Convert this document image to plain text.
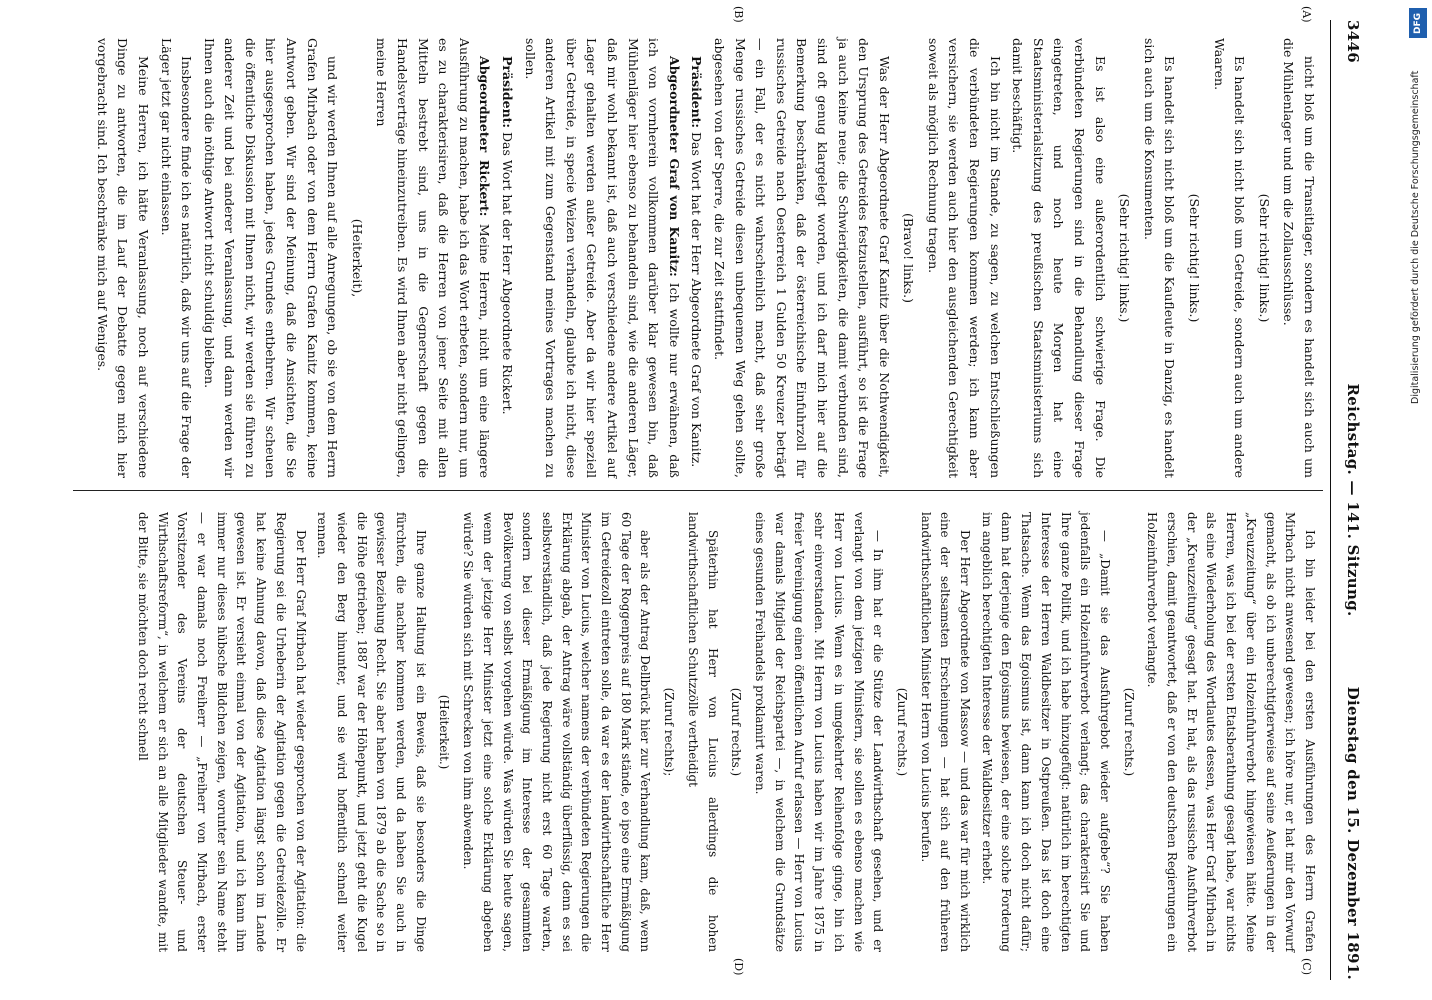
DFG
Digitalisierung gefördert durch die Deutsche Forschungsgemeinschaft
3446
Reichstag. — 141. Sitzung.
Dienstag den 15. Dezember 1891.
(A)
(B)
(C)
(D)

nicht bloß um die Transitlager, sondern es handelt sich auch um die Mühlenlager und um die Zollausschlüsse.

(Sehr richtig! links.)

Es handelt sich nicht bloß um Getreide, sondern auch um andere Waaren.

(Sehr richtig! links.)

Es handelt sich nicht bloß um die Kaufleute in Danzig, es handelt sich auch um die Konsumenten.

(Sehr richtig! links.)

Es ist also eine außerordentlich schwierige Frage. Die verbündeten Regierungen sind in die Behandlung dieser Frage eingetreten, und noch heute Morgen hat eine Staatsministerialsitzung des preußischen Staatsministeriums sich damit beschäftigt.

Ich bin nicht im Stande, zu sagen, zu welchen Entschließungen die verbündeten Regierungen kommen werden; ich kann aber versichern, sie werden auch hier den ausgleichenden Gerechtigkeit soweit als möglich Rechnung tragen.

(Bravo! links.)

Was der Herr Abgeordnete Graf Kanitz über die Nothwendigkeit, den Ursprung des Getreides festzustellen, ausführt, so ist die Frage ja auch keine neue; die Schwierigkeiten, die damit verbunden sind, sind oft genug klargelegt worden, und ich darf mich hier auf die Bemerkung beschränken, daß der österreichische Einfuhrzoll für russisches Getreide nach Oesterreich 1 Gulden 50 Kreuzer beträgt — ein Fall, der es nicht wahrscheinlich macht, daß sehr große Menge russisches Getreide diesen unbequemen Weg gehen sollte, abgesehen von der Sperre, die zur Zeit stattfindet.

Präsident: Das Wort hat der Herr Abgeordnete Graf von Kanitz.

Abgeordneter Graf von Kanitz: Ich wollte nur erwähnen, daß ich von vornherein vollkommen darüber klar gewesen bin, daß Mühlenläger hier ebenso zu behandeln sind, wie die anderen Läger, daß mir wohl bekannt ist, daß auch verschiedene andere Artikel auf Lager gehalten werden außer Getreide. Aber da wir hier speziell über Getreide, in specie Weizen verhandeln, glaubte ich nicht, diese anderen Artikel mit zum Gegenstand meines Vortrages machen zu sollen.

Präsident: Das Wort hat der Herr Abgeordnete Rickert.

Abgeordneter Rickert: Meine Herren, nicht um eine längere Ausführung zu machen, habe ich das Wort erbeten, sondern nur, um es zu charakterisiren, daß die Herren von jener Seite mit allen Mitteln bestrebt sind, uns in die Gegnerschaft gegen die Handelsverträge hineinzutreiben. Es wird Ihnen aber nicht gelingen, meine Herren

(Heiterkeit),

und wir werden Ihnen auf alle Anregungen, ob sie von dem Herrn Grafen Mirbach oder von dem Herrn Grafen Kanitz kommen, keine Antwort geben. Wir sind der Meinung, daß die Ansichten, die Sie hier ausgesprochen haben, jedes Grundes entbehren. Wir scheuen die öffentliche Diskussion mit Ihnen nicht, wir werden sie führen zu anderer Zeit und bei anderer Veranlassung, und dann werden wir Ihnen auch die nöthige Antwort nicht schuldig bleiben.

Insbesondere finde ich es natürlich, daß wir uns auf die Frage der Läger jetzt gar nicht einlassen.

Meine Herren, ich hätte Veranlassung, noch auf verschiedene Dinge zu antworten, die im Lauf der Debatte gegen mich hier vorgebracht sind. Ich beschränke mich auf Weniges.

Ich bin leider bei den ersten Ausführungen des Herrn Grafen Mirbach nicht anwesend gewesen; ich höre nur, er hat mir den Vorwurf gemacht, als ob ich unberechtigterweise auf seine Aeußerungen in der „Kreuzzeitung“ über ein Holzeinfuhrverbot hingewiesen hätte. Meine Herren, was ich bei der ersten Etatsberathung gesagt habe, war nichts als eine Wiederholung des Wortlautes dessen, was Herr Graf Mirbach in der „Kreuzzeitung“ gesagt hat. Er hat, als das russische Ausfuhrverbot erschien, damit geantwortet, daß er von den deutschen Regierungen ein Holzeinfuhrverbot verlangte.

(Zuruf rechts.)

— „Damit sie das Ausfuhrgebot wieder aufgebe“? Sie haben jedenfalls ein Holzeinfuhrverbot verlangt; das charakterisirt Sie und Ihre ganze Politik, und ich habe hinzugefügt: natürlich im berechtigten Interesse der Herren Waldbesitzer in Ostpreußen. Das ist doch eine Thatsache. Wenn das Egoismus ist, dann kann ich doch nicht dafür; dann hat derjenige den Egoismus bewiesen, der eine solche Forderung im angeblich berechtigten Interesse der Waldbesitzer erhebt.

Der Herr Abgeordnete von Massow — und das war für mich wirklich eine der seltsamsten Erscheinungen — hat sich auf den früheren landwirthschaftlichen Minister Herrn von Lucius berufen.

(Zuruf rechts.)

— In ihm hat er die Stütze der Landwirthschaft gesehen, und er verlangt von dem jetzigen Ministern, sie sollen es ebenso machen wie Herr von Lucius. Wenn es in umgekehrter Reihenfolge ginge, bin ich sehr einverstanden. Mit Herrn von Lucius haben wir im Jahre 1875 in freier Vereinigung einen öffentlichen Aufruf erlassen — Herr von Lucius war damals Mitglied der Reichspartei —, in welchem die Grundsätze eines gesunden Freihandels proklamirt waren.

(Zuruf rechts.)

Späterhin hat Herr von Lucius allerdings die hohen landwirthschaftlichen Schutzzölle vertheidigt

(Zuruf rechts);

aber als der Antrag Dellbrück hier zur Verhandlung kam, daß, wenn 60 Tage der Roggenpreis auf 180 Mark stände, eo ipso eine Ermäßigung im Getreidezoll eintreten solle, da war es der landwirthschaftliche Herr Minister von Lucius, welcher namens der verbündeten Regierungen die Erklärung abgab, der Antrag wäre vollständig überflüssig, denn es sei selbstverständlich, daß jede Regierung nicht erst 60 Tage warten, sondern bei dieser Ermäßigung im Interesse der gesammten Bevölkerung von selbst vorgehen würde. Was würden Sie heute sagen, wenn der jetzige Herr Minister jetzt eine solche Erklärung abgeben würde? Sie würden sich mit Schrecken von ihm abwenden.

(Heiterkeit.)

Ihre ganze Haltung ist ein Beweis, daß sie besonders die Dinge fürchten, die nachher kommen werden, und da haben Sie auch in gewisser Beziehung Recht. Sie aber haben von 1879 ab die Sache so in die Höhe getrieben; 1887 war der Höhepunkt, und jetzt geht die Kugel wieder den Berg hinunter, und sie wird hoffentlich schnell weiter rennen.

Der Herr Graf Mirbach hat wieder gesprochen von der Agitation: die Regierung sei die Urheberin der Agitation gegen die Getreidezölle. Er hat keine Ahnung davon, daß diese Agitation längst schon im Lande gewesen ist. Er versieht einmal von der Agitation, und ich kann ihm immer nur dieses hübsche Bildchen zeigen, worunter sein Name steht — er war damals noch Freiherr — „Freiherr von Mirbach, erster Vorsitzender des Vereins der deutschen Steuer- und Wirthschaftsreform“, in welchem er sich an alle Mitglieder wandte, mit der Bitte, sie möchten doch recht schnell
